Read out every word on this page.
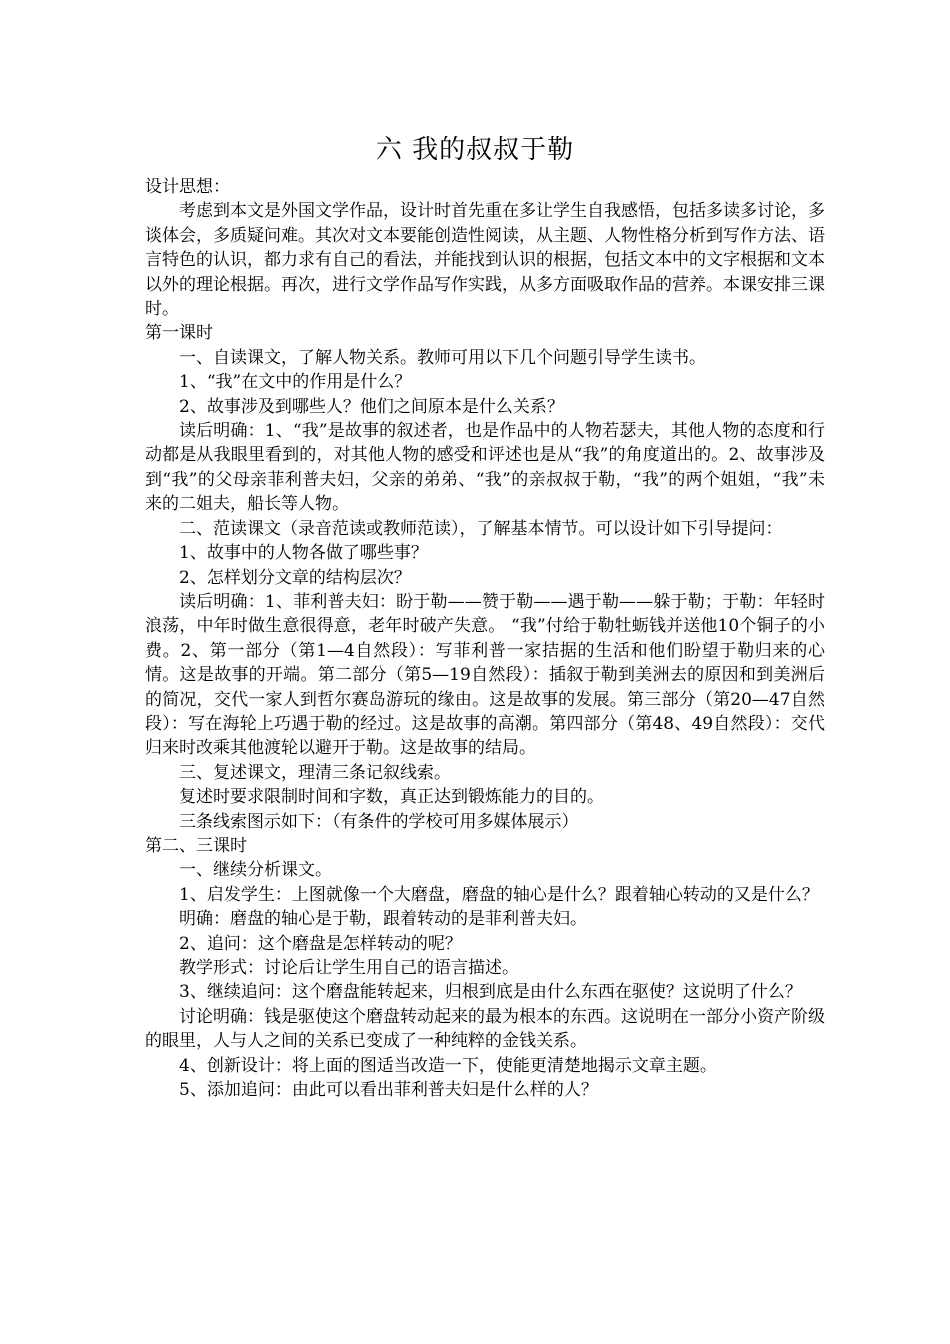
六 我的叔叔于勒

设计思想：

考虑到本文是外国文学作品，设计时首先重在多让学生自我感悟，包括多读多讨论，多谈体会，多质疑问难。其次对文本要能创造性阅读，从主题、人物性格分析到写作方法、语言特色的认识，都力求有自己的看法，并能找到认识的根据，包括文本中的文字根据和文本以外的理论根据。再次，进行文学作品写作实践，从多方面吸取作品的营养。本课安排三课时。

第一课时

一、自读课文，了解人物关系。教师可用以下几个问题引导学生读书。

1、“我”在文中的作用是什么？

2、故事涉及到哪些人？他们之间原本是什么关系？

读后明确：1、“我”是故事的叙述者，也是作品中的人物若瑟夫，其他人物的态度和行动都是从我眼里看到的，对其他人物的感受和评述也是从“我”的角度道出的。2、故事涉及到“我”的父母亲菲利普夫妇，父亲的弟弟、“我”的亲叔叔于勒，“我”的两个姐姐，“我”未来的二姐夫，船长等人物。

二、范读课文（录音范读或教师范读），了解基本情节。可以设计如下引导提问：

1、故事中的人物各做了哪些事？

2、怎样划分文章的结构层次？

读后明确：1、菲利普夫妇：盼于勒——赞于勒——遇于勒——躲于勒；于勒：年轻时浪荡，中年时做生意很得意，老年时破产失意。 “我”付给于勒牡蛎钱并送他10个铜子的小费。2、第一部分（第1—4自然段）：写菲利普一家拮据的生活和他们盼望于勒归来的心情。这是故事的开端。第二部分（第5—19自然段）：插叙于勒到美洲去的原因和到美洲后的简况，交代一家人到哲尔赛岛游玩的缘由。这是故事的发展。第三部分（第20—47自然段）：写在海轮上巧遇于勒的经过。这是故事的高潮。第四部分（第48、49自然段）：交代归来时改乘其他渡轮以避开于勒。这是故事的结局。

三、复述课文，理清三条记叙线索。

复述时要求限制时间和字数，真正达到锻炼能力的目的。

三条线索图示如下：（有条件的学校可用多媒体展示）

第二、三课时

一、继续分析课文。

1、启发学生：上图就像一个大磨盘，磨盘的轴心是什么？跟着轴心转动的又是什么？

明确：磨盘的轴心是于勒，跟着转动的是菲利普夫妇。

2、追问：这个磨盘是怎样转动的呢？

教学形式：讨论后让学生用自己的语言描述。

3、继续追问：这个磨盘能转起来，归根到底是由什么东西在驱使？这说明了什么？

讨论明确：钱是驱使这个磨盘转动起来的最为根本的东西。这说明在一部分小资产阶级的眼里，人与人之间的关系已变成了一种纯粹的金钱关系。

4、创新设计：将上面的图适当改造一下，使能更清楚地揭示文章主题。

5、添加追问：由此可以看出菲利普夫妇是什么样的人？
